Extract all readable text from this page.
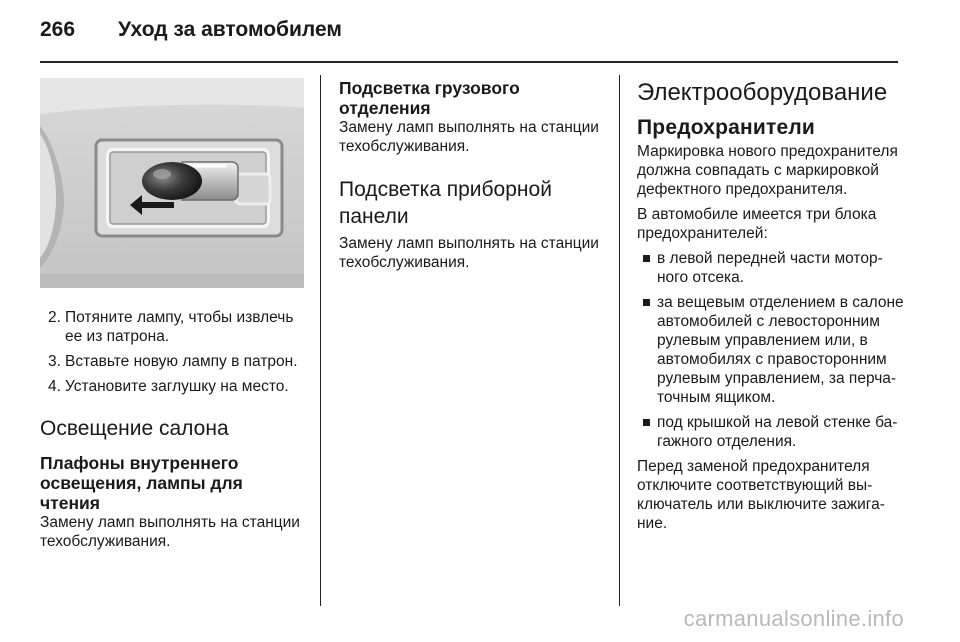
266 Уход за автомобилем
2. Потяните лампу, чтобы извлечь ее из патрона.
3. Вставьте новую лампу в патрон.
4. Установите заглушку на место.
Освещение салона
Плафоны внутреннего освещения, лампы для чтения

Замену ламп выполнять на станции техобслуживания.

Подсветка грузового отделения

Замену ламп выполнять на станции техобслуживания.

Подсветка приборной панели

Замену ламп выполнять на станции техобслуживания.

Электрооборудование
Предохранители

Маркировка нового предохранителя должна совпадать с маркировкой дефектного предохранителя.

В автомобиле имеется три блока предохранителей:

в левой передней части моторного отсека.
за вещевым отделением в салоне автомобилей с левосторонним рулевым управлением или, в автомобилях с правосторонним рулевым управлением, за перчаточным ящиком.
под крышкой на левой стенке багажного отделения.

Перед заменой предохранителя отключите соответствующий выключатель или выключите зажигание.

carmanualsonline.info
